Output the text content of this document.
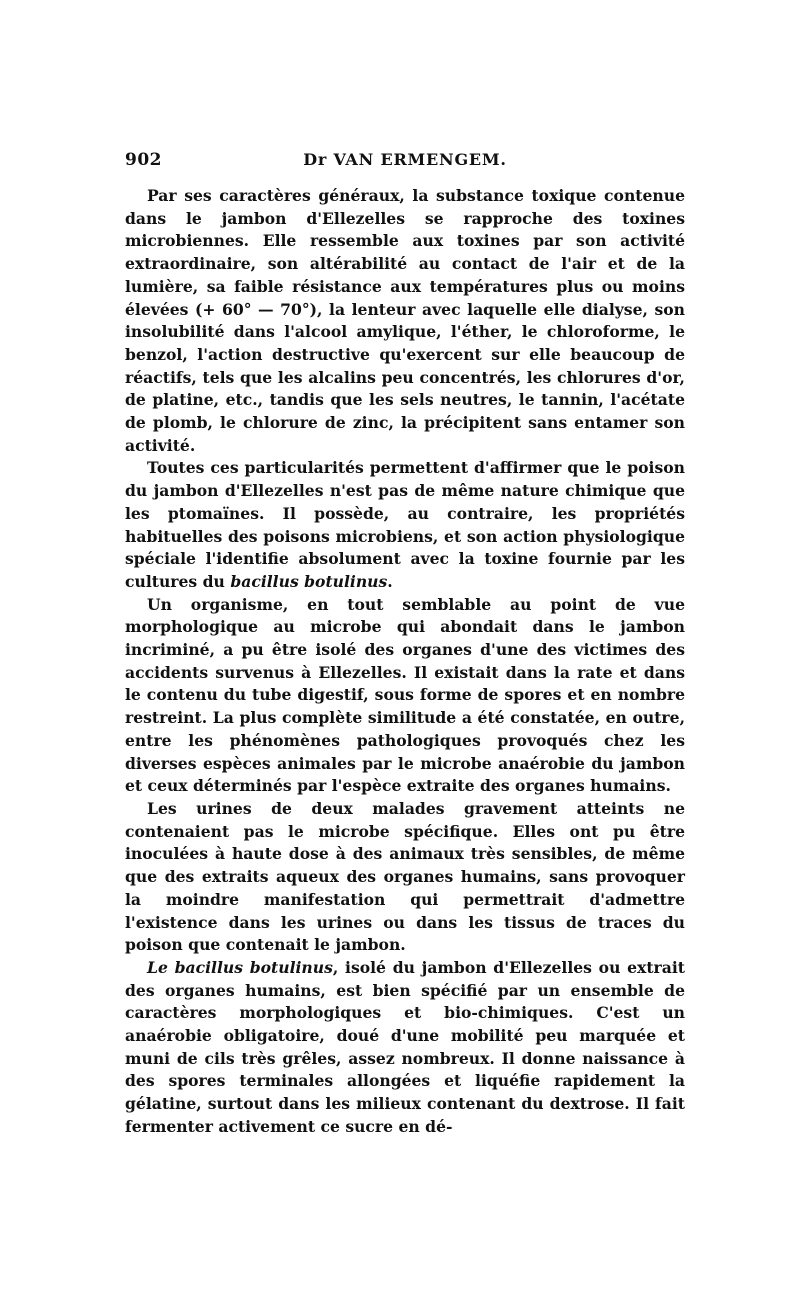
902	Dr VAN ERMENGEM.

Par ses caractères généraux, la substance toxique contenue dans le jambon d'Ellezelles se rapproche des toxines microbiennes. Elle ressemble aux toxines par son activité extraordinaire, son altérabilité au contact de l'air et de la lumière, sa faible résistance aux températures plus ou moins élevées (+ 60° — 70°), la lenteur avec laquelle elle dialyse, son insolubilité dans l'alcool amylique, l'éther, le chloroforme, le benzol, l'action destructive qu'exercent sur elle beaucoup de réactifs, tels que les alcalins peu concentrés, les chlorures d'or, de platine, etc., tandis que les sels neutres, le tannin, l'acétate de plomb, le chlorure de zinc, la précipitent sans entamer son activité.

Toutes ces particularités permettent d'affirmer que le poison du jambon d'Ellezelles n'est pas de même nature chimique que les ptomaïnes. Il possède, au contraire, les propriétés habituelles des poisons microbiens, et son action physiologique spéciale l'identifie absolument avec la toxine fournie par les cultures du bacillus botulinus.

Un organisme, en tout semblable au point de vue morphologique au microbe qui abondait dans le jambon incriminé, a pu être isolé des organes d'une des victimes des accidents survenus à Ellezelles. Il existait dans la rate et dans le contenu du tube digestif, sous forme de spores et en nombre restreint. La plus complète similitude a été constatée, en outre, entre les phénomènes pathologiques provoqués chez les diverses espèces animales par le microbe anaérobie du jambon et ceux déterminés par l'espèce extraite des organes humains.

Les urines de deux malades gravement atteints ne contenaient pas le microbe spécifique. Elles ont pu être inoculées à haute dose à des animaux très sensibles, de même que des extraits aqueux des organes humains, sans provoquer la moindre manifestation qui permettrait d'admettre l'existence dans les urines ou dans les tissus de traces du poison que contenait le jambon.

Le bacillus botulinus, isolé du jambon d'Ellezelles ou extrait des organes humains, est bien spécifié par un ensemble de caractères morphologiques et bio-chimiques. C'est un anaérobie obligatoire, doué d'une mobilité peu marquée et muni de cils très grêles, assez nombreux. Il donne naissance à des spores terminales allongées et liquéfie rapidement la gélatine, surtout dans les milieux contenant du dextrose. Il fait fermenter activement ce sucre en dé-
